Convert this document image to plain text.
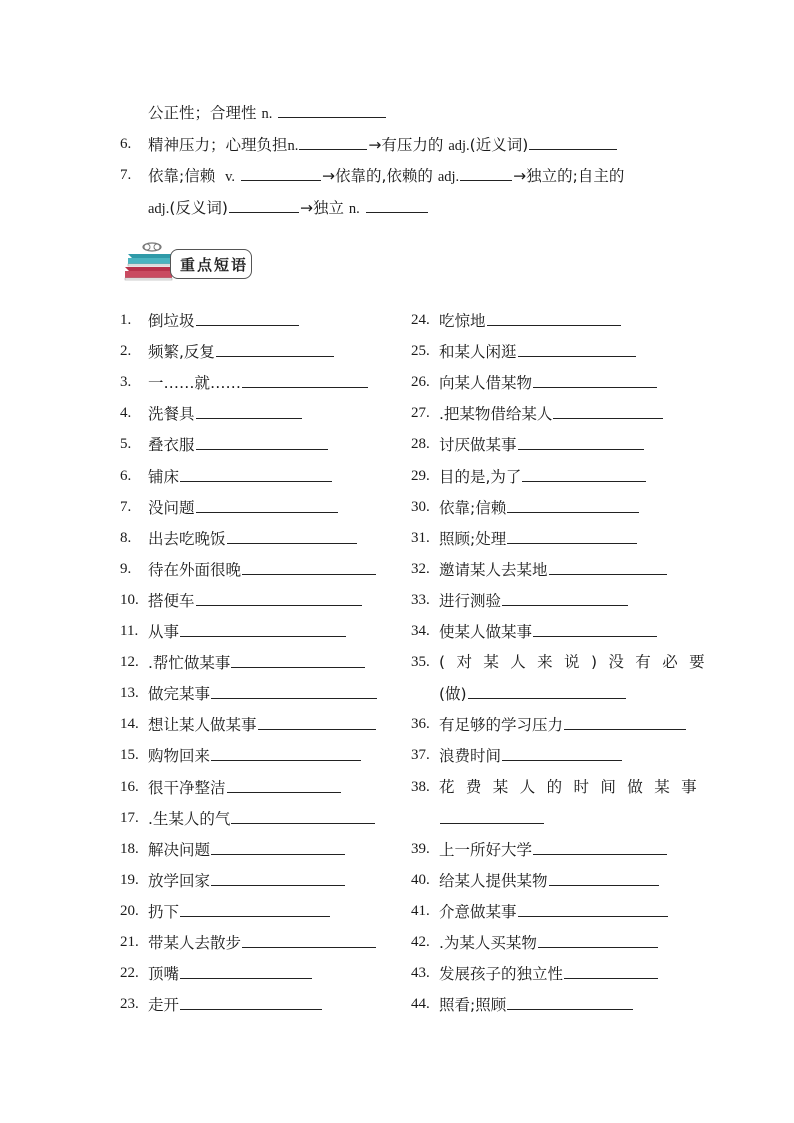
公正性；合理性 n.
6. 精神压力；心理负担n.	→有压力的 adj.(近义词)
7. 依靠;信赖 v.	→依靠的,依赖的 adj.	→独立的;自主的
adj.(反义词)	→独立 n.
重点短语
1. 倒垃圾
2. 频繁,反复
3. 一……就……
4. 洗餐具
5. 叠衣服
6. 铺床
7. 没问题
8. 出去吃晚饭
9. 待在外面很晚
10. 搭便车
11. 从事
12. .帮忙做某事
13. 做完某事
14. 想让某人做某事
15. 购物回来
16. 很干净整洁
17. .生某人的气
18. 解决问题
19. 放学回家
20. 扔下
21. 带某人去散步
22. 顶嘴
23. 走开
24. 吃惊地
25. 和某人闲逛
26. 向某人借某物
27. .把某物借给某人
28. 讨厌做某事
29. 目的是,为了
30. 依靠;信赖
31. 照顾;处理
32. 邀请某人去某地
33. 进行测验
34. 使某人做某事
35. (对某人来说)没有必要
(做)
36. 有足够的学习压力
37. 浪费时间
38. 花费某人的时间做某事
39. 上一所好大学
40. 给某人提供某物
41. 介意做某事
42. .为某人买某物
43. 发展孩子的独立性
44. 照看;照顾
